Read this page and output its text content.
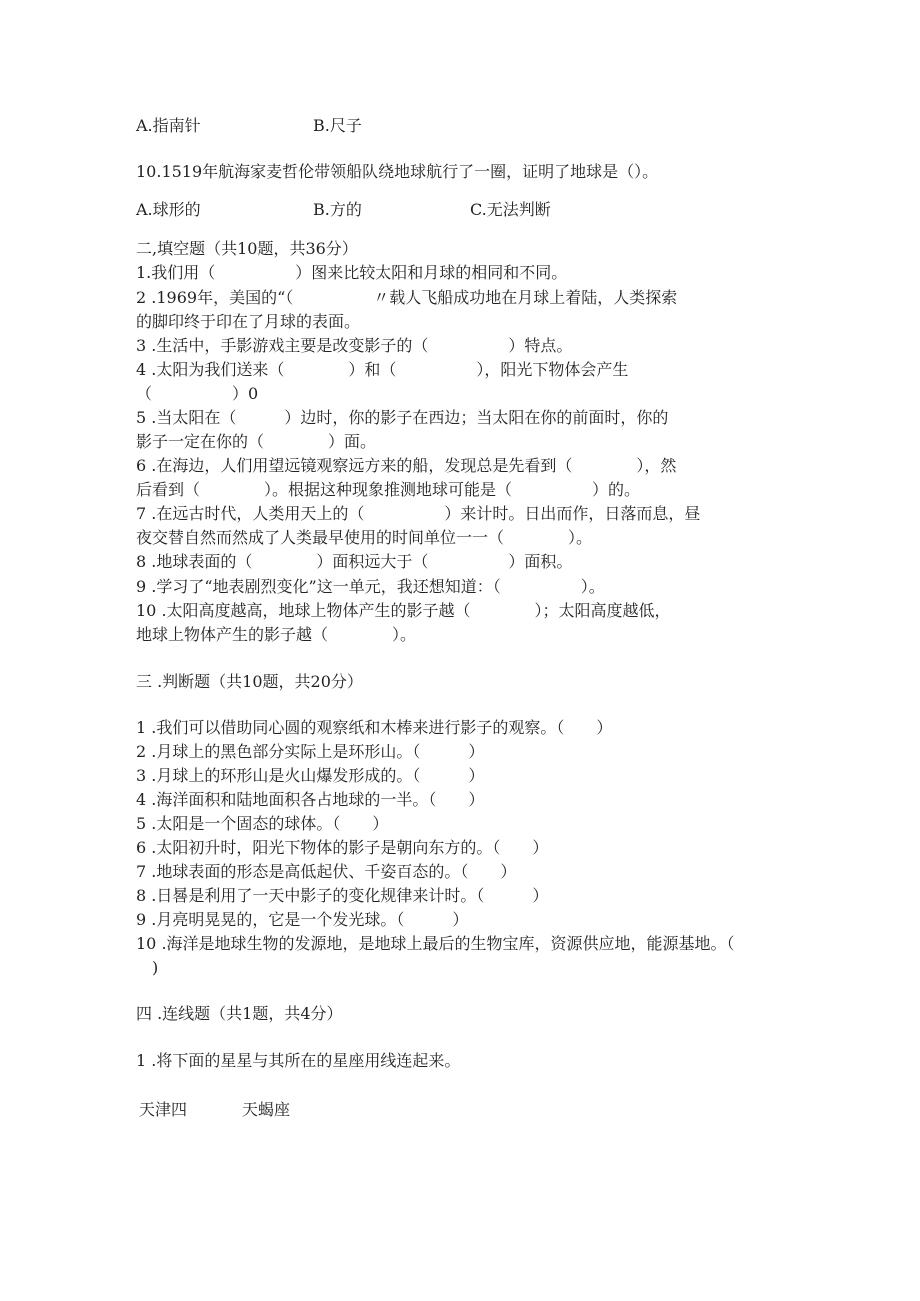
A.指南针	B.尺子
10.1519年航海家麦哲伦带领船队绕地球航行了一圈，证明了地球是（）。
A.球形的	B.方的	C.无法判断
二,填空题（共10题，共36分）
1.我们用（　　　　　）图来比较太阳和月球的相同和不同。
2 .1969年，美国的“（　　　　　〃载人飞船成功地在月球上着陆，人类探索
的脚印终于印在了月球的表面。
3 .生活中，手影游戏主要是改变影子的（　　　　　）特点。
4 .太阳为我们送来（　　　　）和（　　　　　），阳光下物体会产生
（　　　　　）0
5 .当太阳在（　　　）边时，你的影子在西边；当太阳在你的前面时，你的
影子一定在你的（　　　　）面。
6 .在海边，人们用望远镜观察远方来的船，发现总是先看到（　　　　），然
后看到（　　　　）。根据这种现象推测地球可能是（　　　　　）的。
7 .在远古时代，人类用天上的（　　　　　）来计时。日出而作，日落而息，昼
夜交替自然而然成了人类最早使用的时间单位一一（　　　　）。
8 .地球表面的（　　　　）面积远大于（　　　　　）面积。
9 .学习了“地表剧烈变化”这一单元，我还想知道：（　　　　　）。
10 .太阳高度越高，地球上物体产生的影子越（　　　　）；太阳高度越低，
地球上物体产生的影子越（　　　　）。
三 .判断题（共10题，共20分）
1 .我们可以借助同心圆的观察纸和木棒来进行影子的观察。（　　）
2 .月球上的黑色部分实际上是环形山。（　　　）
3 .月球上的环形山是火山爆发形成的。（　　　）
4 .海洋面积和陆地面积各占地球的一半。（　　）
5 .太阳是一个固态的球体。（　　）
6 .太阳初升时，阳光下物体的影子是朝向东方的。（　　）
7 .地球表面的形态是高低起伏、千姿百态的。（　　）
8 .日晷是利用了一天中影子的变化规律来计时。（　　　）
9 .月亮明晃晃的，它是一个发光球。（　　　）
10 .海洋是地球生物的发源地，是地球上最后的生物宝库，资源供应地，能源基地。（
　)
四 .连线题（共1题，共4分）
1 .将下面的星星与其所在的星座用线连起来。
天津四	天蝎座
